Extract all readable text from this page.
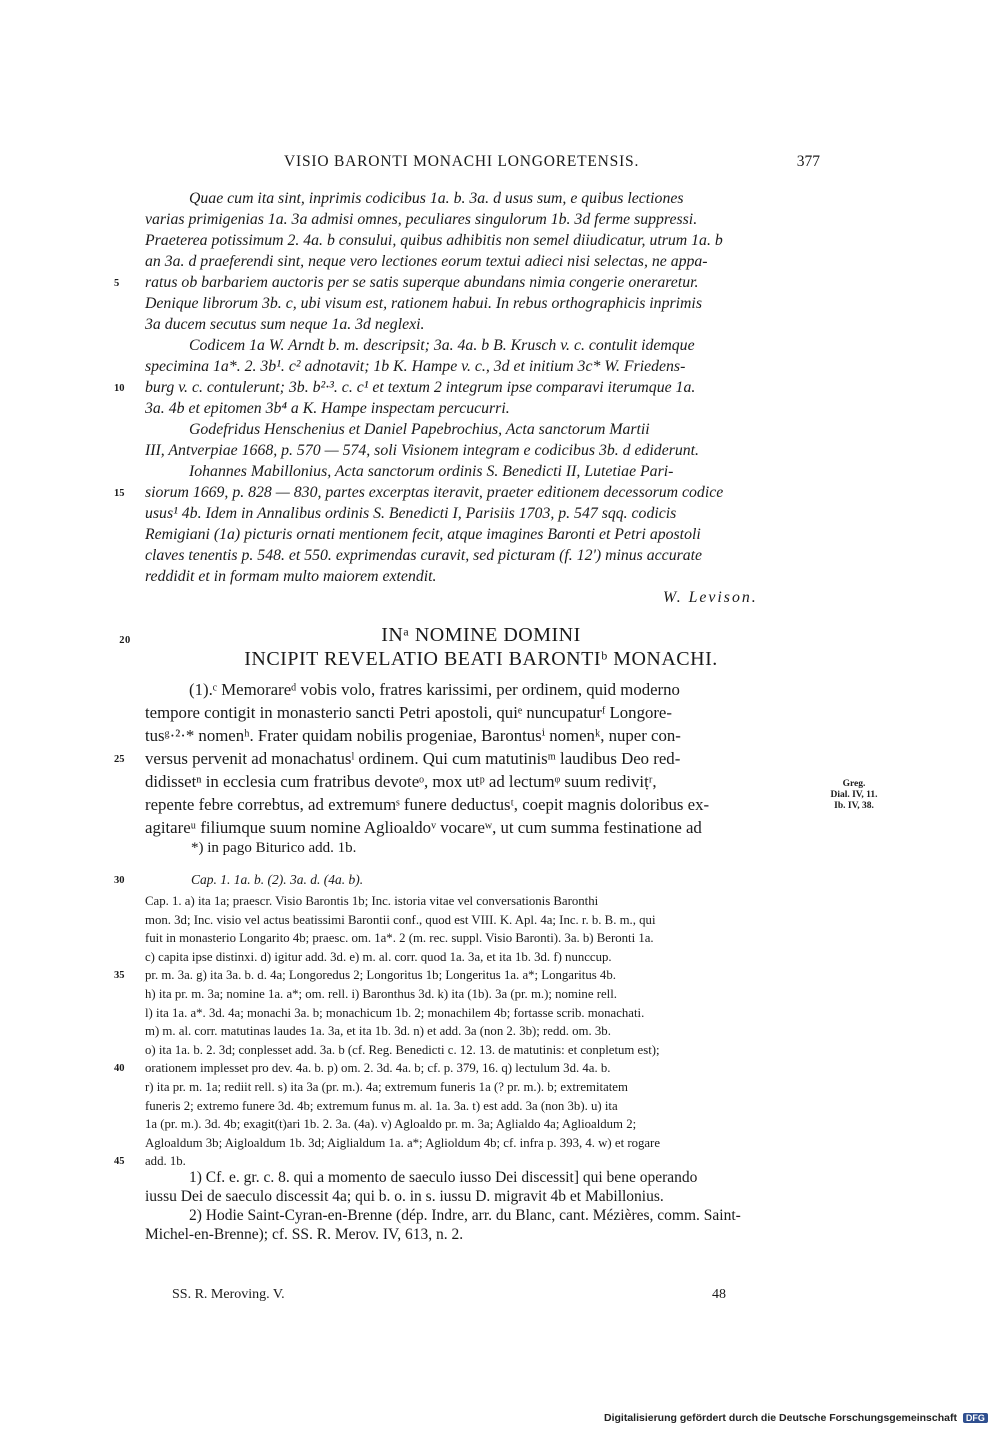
VISIO BARONTI MONACHI LONGORETENSIS.	377
Quae cum ita sint, inprimis codicibus 1a. b. 3a. d usus sum, e quibus lectiones
varias primigenias 1a. 3a admisi omnes, peculiares singulorum 1b. 3d ferme suppressi.
Praeterea potissimum 2. 4a. b consului, quibus adhibitis non semel diiudicatur, utrum 1a. b
an 3a. d praeferendi sint, neque vero lectiones eorum textui adieci nisi selectas, ne appa-
5	ratus ob barbariem auctoris per se satis superque abundans nimia congerie oneraretur.
Denique librorum 3b. c, ubi visum est, rationem habui. In rebus orthographicis inprimis
3a ducem secutus sum neque 1a. 3d neglexi.
Codicem 1a W. Arndt b. m. descripsit; 3a. 4a. b B. Krusch v. c. contulit idemque
specimina 1a*. 2. 3b¹. c² adnotavit; 1b K. Hampe v. c., 3d et initium 3c* W. Friedens-
10	burg v. c. contulerunt; 3b. b²·³. c. c¹ et textum 2 integrum ipse comparavi iterumque 1a.
3a. 4b et epitomen 3b⁴ a K. Hampe inspectam percucurri.
Godefridus Henschenius et Daniel Papebrochius, Acta sanctorum Martii
III, Antverpiae 1668, p. 570 — 574, soli Visionem integram e codicibus 3b. d ediderunt.
Iohannes Mabillonius, Acta sanctorum ordinis S. Benedicti II, Lutetiae Pari-
15	siorum 1669, p. 828 — 830, partes excerptas iteravit, praeter editionem decessorum codice
usus¹ 4b. Idem in Annalibus ordinis S. Benedicti I, Parisiis 1703, p. 547 sqq. codicis
Remigiani (1a) picturis ornati mentionem fecit, atque imagines Baronti et Petri apostoli
claves tenentis p. 548. et 550. exprimendas curavit, sed picturam (f. 12') minus accurate
reddidit et in formam multo maiorem extendit.
W. Levison.
20	INᵃ NOMINE DOMINI
INCIPIT REVELATIO BEATI BARONTIᵇ MONACHI.
(1).ᶜ Memorareᵈ vobis volo, fratres karissimi, per ordinem, quid moderno
tempore contigit in monasterio sancti Petri apostoli, quiᵉ nuncupaturᶠ Longore-
tusᵍ·²·* nomenʰ. Frater quidam nobilis progeniae, Barontusⁱ nomenᵏ, nuper con-
25	versus pervenit ad monachatusˡ ordinem. Qui cum matutinisᵐ laudibus Deo red-
didissetⁿ in ecclesia cum fratribus devoteᵒ, mox utᵖ ad lectumᵠ suum rediviṭʳ,
repente febre correbtus, ad extremumˢ funere deductusᵗ, coepit magnis doloribus ex-
agitareᵘ filiumque suum nomine Aglioaldoᵛ vocareʷ, ut cum summa festinatione ad
Greg.
Dial. IV, 11.
Ib. IV, 38.
*) in pago Biturico add. 1b.
30	Cap. 1. 1a. b. (2). 3a. d. (4a. b).
Cap. 1. a) ita 1a; praescr. Visio Barontis 1b; Inc. istoria vitae vel conversationis Baronthi
mon. 3d; Inc. visio vel actus beatissimi Barontii conf., quod est VIII. K. Apl. 4a; Inc. r. b. B. m., qui
fuit in monasterio Longarito 4b; praesc. om. 1a*. 2 (m. rec. suppl. Visio Baronti). 3a. b) Beronti 1a.
c) capita ipse distinxi. d) igitur add. 3d. e) m. al. corr. quod 1a. 3a, et ita 1b. 3d. f) nunccup.
35	pr. m. 3a. g) ita 3a. b. d. 4a; Longoredus 2; Longoritus 1b; Longeritus 1a. a*; Longaritus 4b.
h) ita pr. m. 3a; nomine 1a. a*; om. rell. i) Baronthus 3d. k) ita (1b). 3a (pr. m.); nomine rell.
l) ita 1a. a*. 3d. 4a; monachi 3a. b; monachicum 1b. 2; monachilem 4b; fortasse scrib. monachati.
m) m. al. corr. matutinas laudes 1a. 3a, et ita 1b. 3d. n) et add. 3a (non 2. 3b); redd. om. 3b.
o) ita 1a. b. 2. 3d; conplesset add. 3a. b (cf. Reg. Benedicti c. 12. 13. de matutinis: et conpletum est);
40	orationem implesset pro dev. 4a. b. p) om. 2. 3d. 4a. b; cf. p. 379, 16. q) lectulum 3d. 4a. b.
r) ita pr. m. 1a; rediit rell. s) ita 3a (pr. m.). 4a; extremum funeris 1a (? pr. m.). b; extremitatem
funeris 2; extremo funere 3d. 4b; extremum funus m. al. 1a. 3a. t) est add. 3a (non 3b). u) ita
1a (pr. m.). 3d. 4b; exagit(t)ari 1b. 2. 3a. (4a). v) Agloaldo pr. m. 3a; Aglialdo 4a; Aglioaldum 2;
Agloaldum 3b; Aigloaldum 1b. 3d; Aiglialdum 1a. a*; Aglioldum 4b; cf. infra p. 393, 4. w) et rogare
45	add. 1b.
1) Cf. e. gr. c. 8. qui a momento de saeculo iusso Dei discessit] qui bene operando
iussu Dei de saeculo discessit 4a; qui b. o. in s. iussu D. migravit 4b et Mabillonius.
2) Hodie Saint-Cyran-en-Brenne (dép. Indre, arr. du Blanc, cant. Mézières, comm. Saint-
Michel-en-Brenne); cf. SS. R. Merov. IV, 613, n. 2.
SS. R. Meroving. V.	48
Digitalisierung gefördert durch die Deutsche Forschungsgemeinschaft DFG
